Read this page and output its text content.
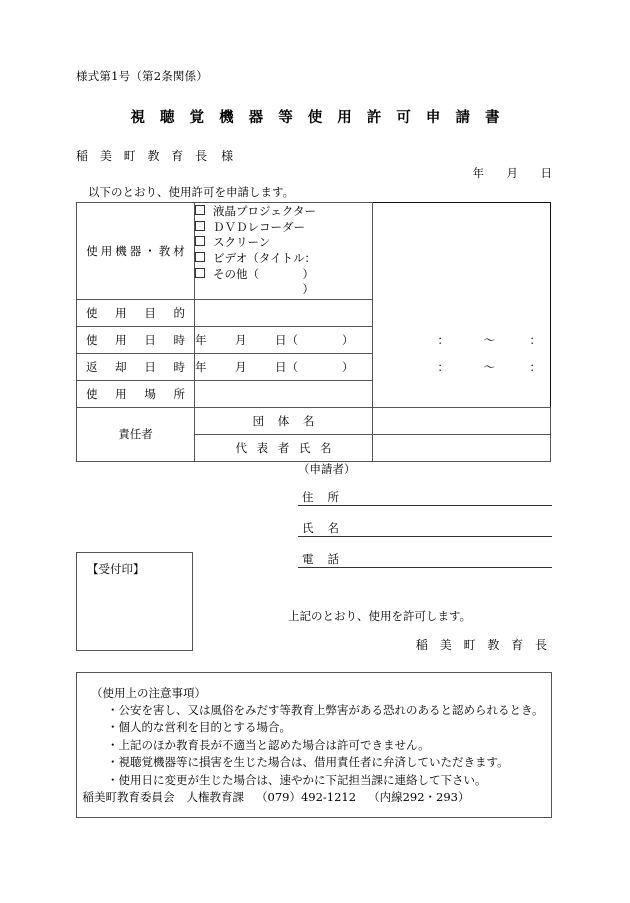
様式第1号（第2条関係）
視 聴 覚 機 器 等 使 用 許 可 申 請 書
稲 美 町 教 育 長 様
年 月 日
以下のとおり、使用許可を申請します。
使用機器・教材

液晶プロジェクター
ＤＶＤレコーダー
スクリーン
ビデオ（タイトル：
）
その他（
）

使 用 目 的		

使 用 日 時	年 月 日（ ） ： ～ ：	

返 却 日 時	年 月 日（ ） ： ～ ：	

使 用 場 所		

責任者	団 体 名	

	代 表 者 氏 名	

（申請者）
住所
氏名
電話
【受付印】
上記のとおり、使用を許可します。
稲 美 町 教 育 長
（使用上の注意事項）
・公安を害し、又は風俗をみだす等教育上弊害がある恐れのあると認められるとき。
・個人的な営利を目的とする場合。
・上記のほか教育長が不適当と認めた場合は許可できません。
・視聴覚機器等に損害を生じた場合は、借用責任者に弁済していただきます。
・使用日に変更が生じた場合は、速やかに下記担当課に連絡して下さい。
稲美町教育委員会 人権教育課 （079）492-1212 （内線292・293）
